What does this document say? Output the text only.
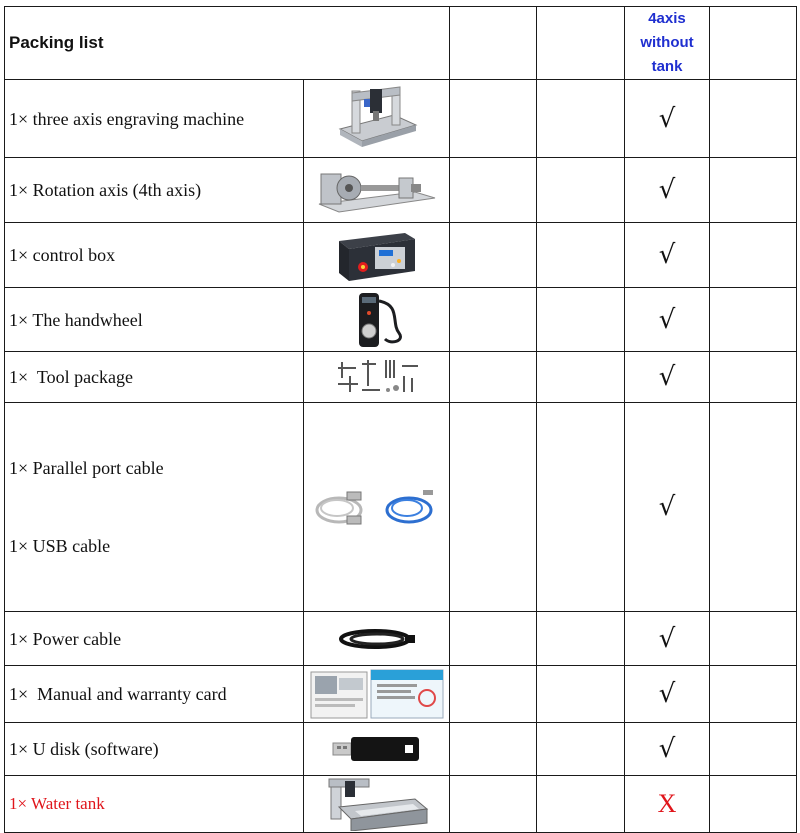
Packing list				4axis
without
tank	

1× three axis engraving machine				√	
1× Rotation axis (4th axis)				√	
1× control box				√	
1× The handwheel				√	
1×  Tool package				√	

1× Parallel port cable

1× USB cable				√	
1× Power cable				√	
1×  Manual and warranty card				√	
1× U disk (software)				√	
1× Water tank				X	
